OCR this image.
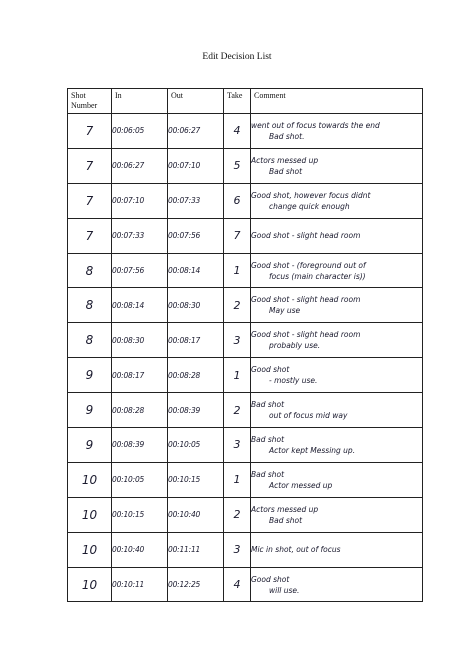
Edit Decision List
Shot Number	In	Out	Take	Comment
7	00:06:05	00:06:27	4	went out of focus towards the end
Bad shot.

7	00:06:27	00:07:10	5	Actors messed up
Bad shot

7	00:07:10	00:07:33	6	Good shot, however focus didnt
change quick enough

7	00:07:33	00:07:56	7	Good shot - slight head room

8	00:07:56	00:08:14	1	Good shot - (foreground out of
focus (main character is))

8	00:08:14	00:08:30	2	Good shot - slight head room
May use

8	00:08:30	00:08:17	3	Good shot - slight head room
probably use.

9	00:08:17	00:08:28	1	Good shot
- mostly use.

9	00:08:28	00:08:39	2	Bad shot
out of focus mid way

9	00:08:39	00:10:05	3	Bad shot
Actor kept Messing up.

10	00:10:05	00:10:15	1	Bad shot
Actor messed up

10	00:10:15	00:10:40	2	Actors messed up
Bad shot

10	00:10:40	00:11:11	3	Mic in shot, out of focus

10	00:10:11	00:12:25	4	Good shot
will use.
